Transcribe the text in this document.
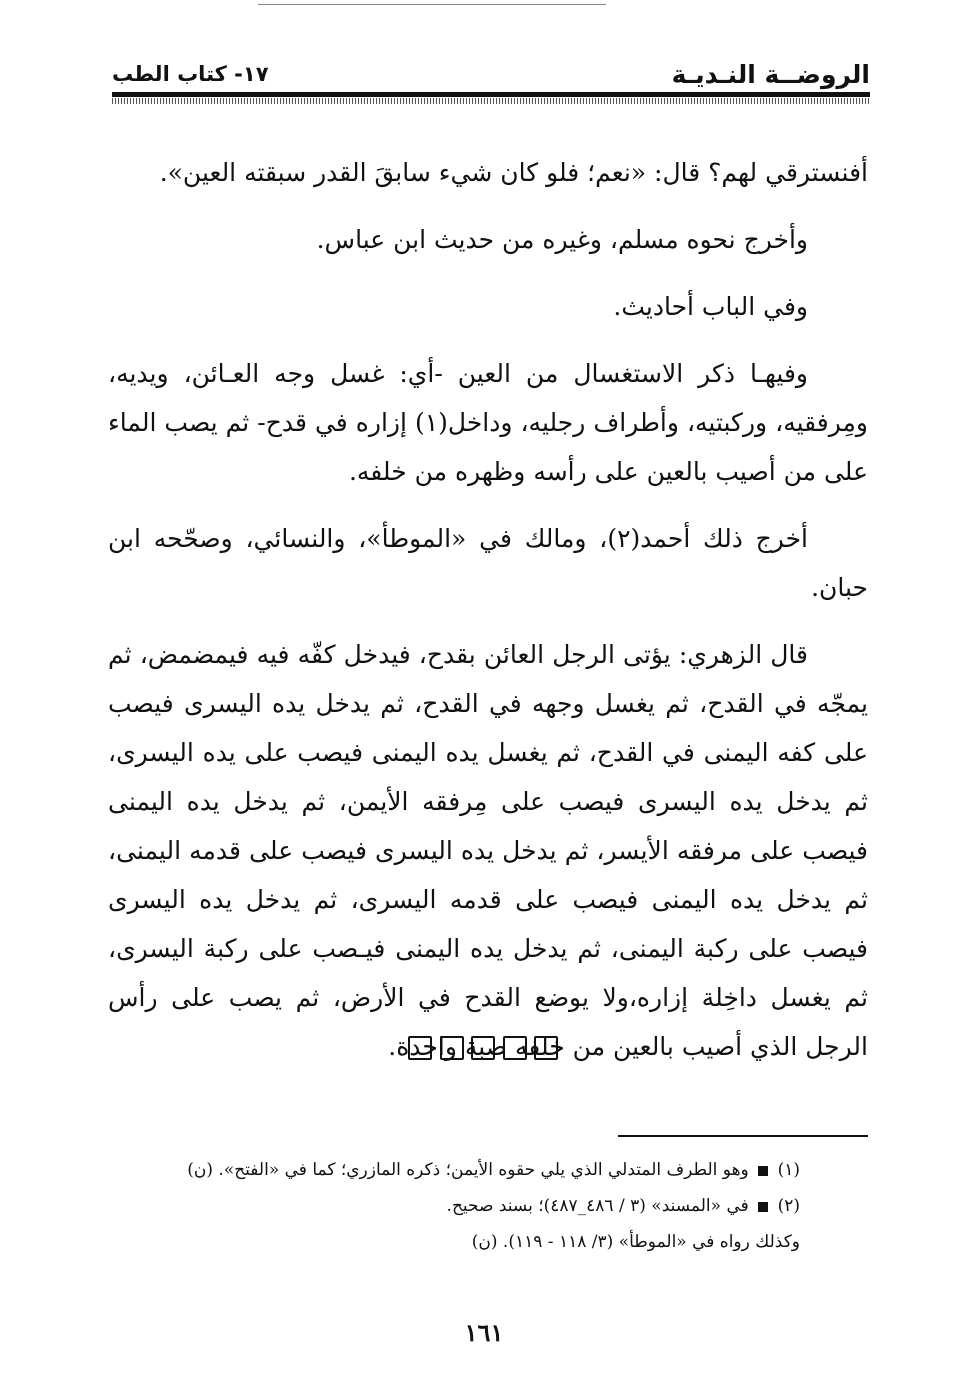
الروضــة النـديـة
١٧- كتاب الطب

أفنسترقي لهم؟ قال: «نعم؛ فلو كان شيء سابقَ القدر سبقته العين».

وأخرج نحوه مسلم، وغيره من حديث ابن عباس.

وفي الباب أحاديث.

وفيهـا ذكر الاستغسال من العين -أي: غسل وجه العـائن، ويديه، ومِرفقيه، وركبتيه، وأطراف رجليه، وداخل(١) إزاره في قدح- ثم يصب الماء على من أصيب بالعين على رأسه وظهره من خلفه.

أخرج ذلك أحمد(٢)، ومالك في «الموطأ»، والنسائي، وصحّحه ابن حبان.

قال الزهري: يؤتى الرجل العائن بقدح، فيدخل كفّه فيه فيمضمض، ثم يمجّه في القدح، ثم يغسل وجهه في القدح، ثم يدخل يده اليسرى فيصب على كفه اليمنى في القدح، ثم يغسل يده اليمنى فيصب على يده اليسرى، ثم يدخل يده اليسرى فيصب على مِرفقه الأيمن، ثم يدخل يده اليمنى فيصب على مرفقه الأيسر، ثم يدخل يده اليسرى فيصب على قدمه اليمنى، ثم يدخل يده اليمنى فيصب على قدمه اليسرى، ثم يدخل يده اليسرى فيصب على ركبة اليمنى، ثم يدخل يده اليمنى فيـصب على ركبة اليسرى، ثم يغسل داخِلة إزاره،ولا يوضع القدح في الأرض، ثم يصب على رأس الرجل الذي أصيب بالعين من خلفه صبة واحدة.

(١)  وهو الطرف المتدلي الذي يلي حقوه الأيمن؛ ذكره المازري؛ كما في «الفتح». (ن)
(٢)  في «المسند» (٣ / ٤٨٦_٤٨٧)؛ بسند صحيح.
وكذلك رواه في «الموطأ» (٣/ ١١٨ - ١١٩). (ن)
١٦١
